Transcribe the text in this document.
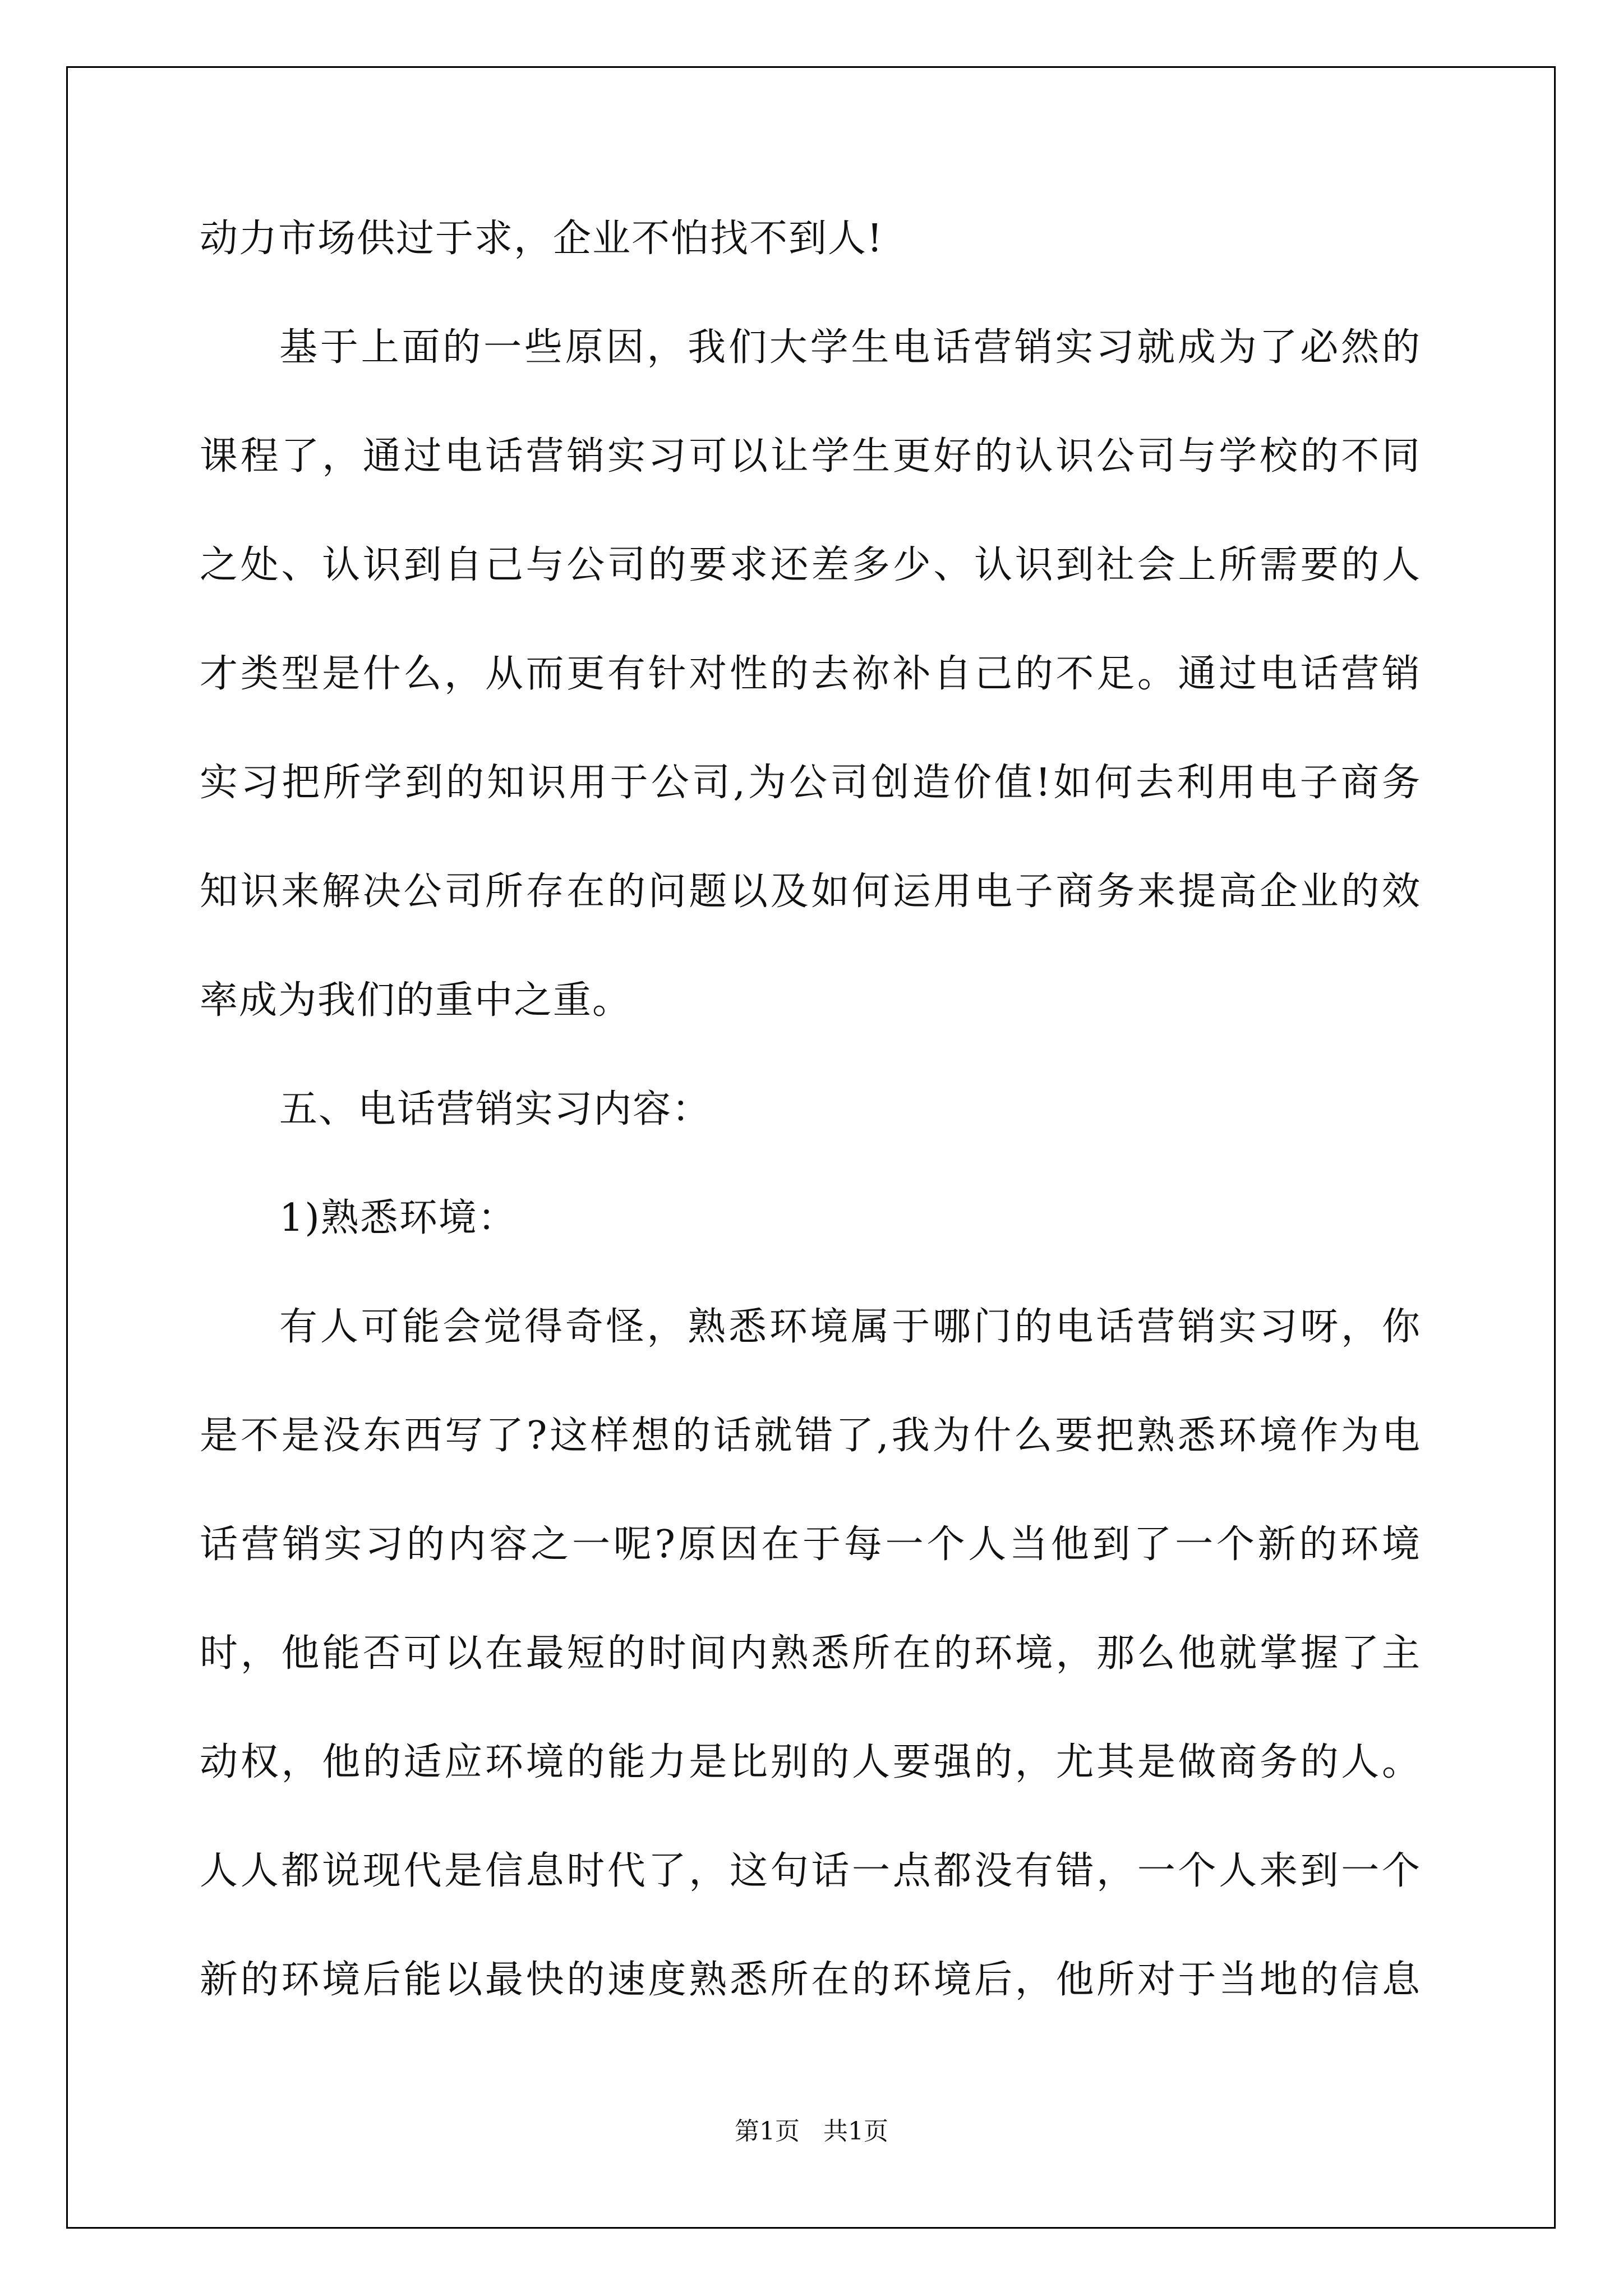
动力市场供过于求，企业不怕找不到人!
基于上面的一些原因，我们大学生电话营销实习就成为了必然的
课程了，通过电话营销实习可以让学生更好的认识公司与学校的不同
之处、认识到自己与公司的要求还差多少、认识到社会上所需要的人
才类型是什么，从而更有针对性的去祢补自己的不足。通过电话营销
实习把所学到的知识用于公司,为公司创造价值!如何去利用电子商务
知识来解决公司所存在的问题以及如何运用电子商务来提高企业的效
率成为我们的重中之重。
五、电话营销实习内容：
1)熟悉环境：
有人可能会觉得奇怪，熟悉环境属于哪门的电话营销实习呀，你
是不是没东西写了?这样想的话就错了,我为什么要把熟悉环境作为电
话营销实习的内容之一呢?原因在于每一个人当他到了一个新的环境
时，他能否可以在最短的时间内熟悉所在的环境，那么他就掌握了主
动权，他的适应环境的能力是比别的人要强的，尤其是做商务的人。
人人都说现代是信息时代了，这句话一点都没有错，一个人来到一个
新的环境后能以最快的速度熟悉所在的环境后，他所对于当地的信息
第1页   共1页
